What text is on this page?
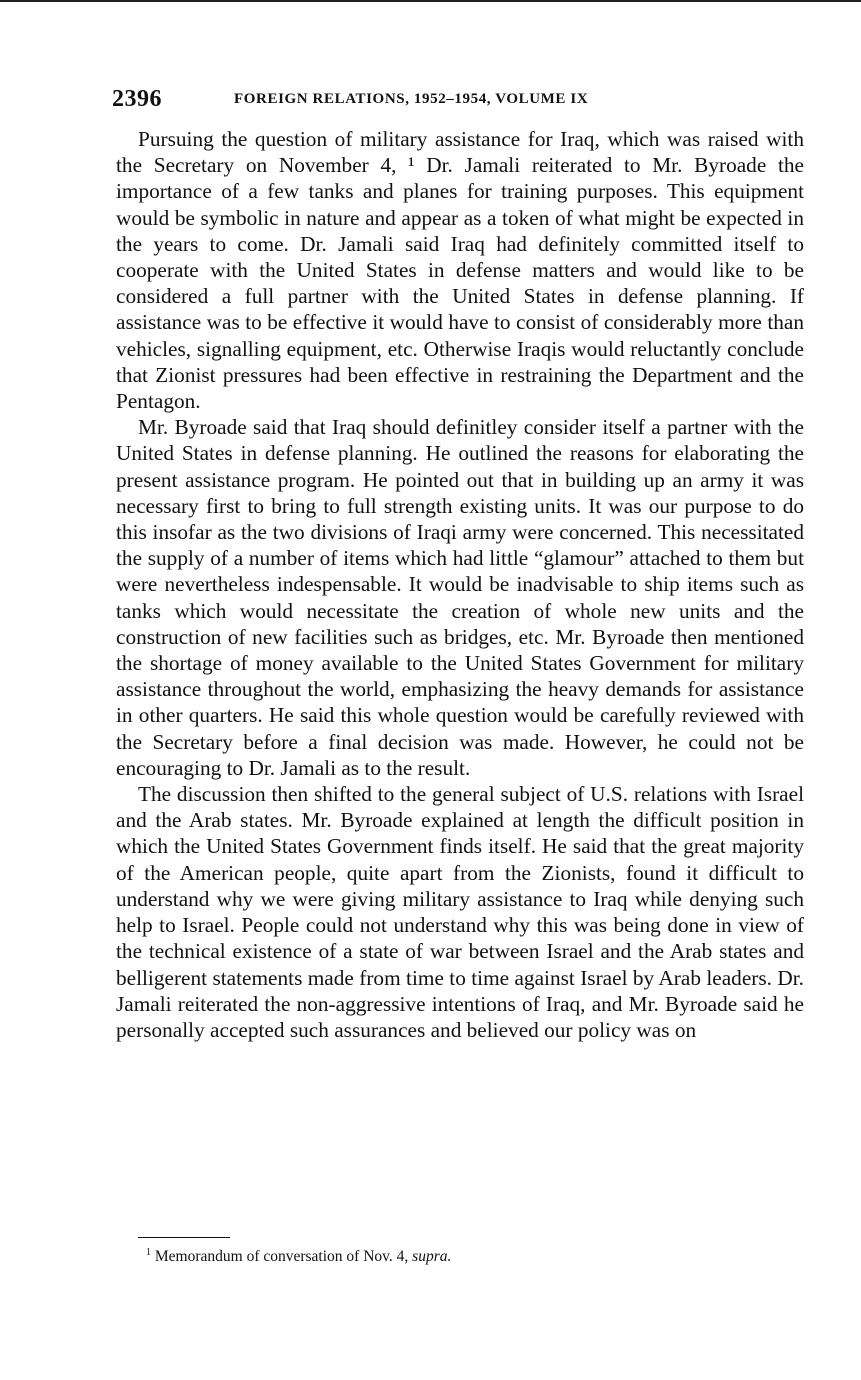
2396	FOREIGN RELATIONS, 1952–1954, VOLUME IX

Pursuing the question of military assistance for Iraq, which was raised with the Secretary on November 4, ¹ Dr. Jamali reiterated to Mr. Byroade the importance of a few tanks and planes for training purposes. This equipment would be symbolic in nature and appear as a token of what might be expected in the years to come. Dr. Jamali said Iraq had definitely committed itself to cooperate with the United States in defense matters and would like to be considered a full partner with the United States in defense planning. If assistance was to be effective it would have to consist of considerably more than vehicles, signalling equipment, etc. Otherwise Iraqis would reluctantly conclude that Zionist pressures had been effective in restraining the Department and the Pentagon.

Mr. Byroade said that Iraq should definitley consider itself a partner with the United States in defense planning. He outlined the reasons for elaborating the present assistance program. He pointed out that in building up an army it was necessary first to bring to full strength existing units. It was our purpose to do this insofar as the two divisions of Iraqi army were concerned. This necessitated the supply of a number of items which had little “glamour” attached to them but were nevertheless indespensable. It would be inadvisable to ship items such as tanks which would necessitate the creation of whole new units and the construction of new facilities such as bridges, etc. Mr. Byroade then mentioned the shortage of money available to the United States Government for military assistance throughout the world, emphasizing the heavy demands for assistance in other quarters. He said this whole question would be carefully reviewed with the Secretary before a final decision was made. However, he could not be encouraging to Dr. Jamali as to the result.

The discussion then shifted to the general subject of U.S. relations with Israel and the Arab states. Mr. Byroade explained at length the difficult position in which the United States Government finds itself. He said that the great majority of the American people, quite apart from the Zionists, found it difficult to understand why we were giving military assistance to Iraq while denying such help to Israel. People could not understand why this was being done in view of the technical existence of a state of war between Israel and the Arab states and belligerent statements made from time to time against Israel by Arab leaders. Dr. Jamali reiterated the non-aggressive intentions of Iraq, and Mr. Byroade said he personally accepted such assurances and believed our policy was on

$^1$ Memorandum of conversation of Nov. 4, supra.
